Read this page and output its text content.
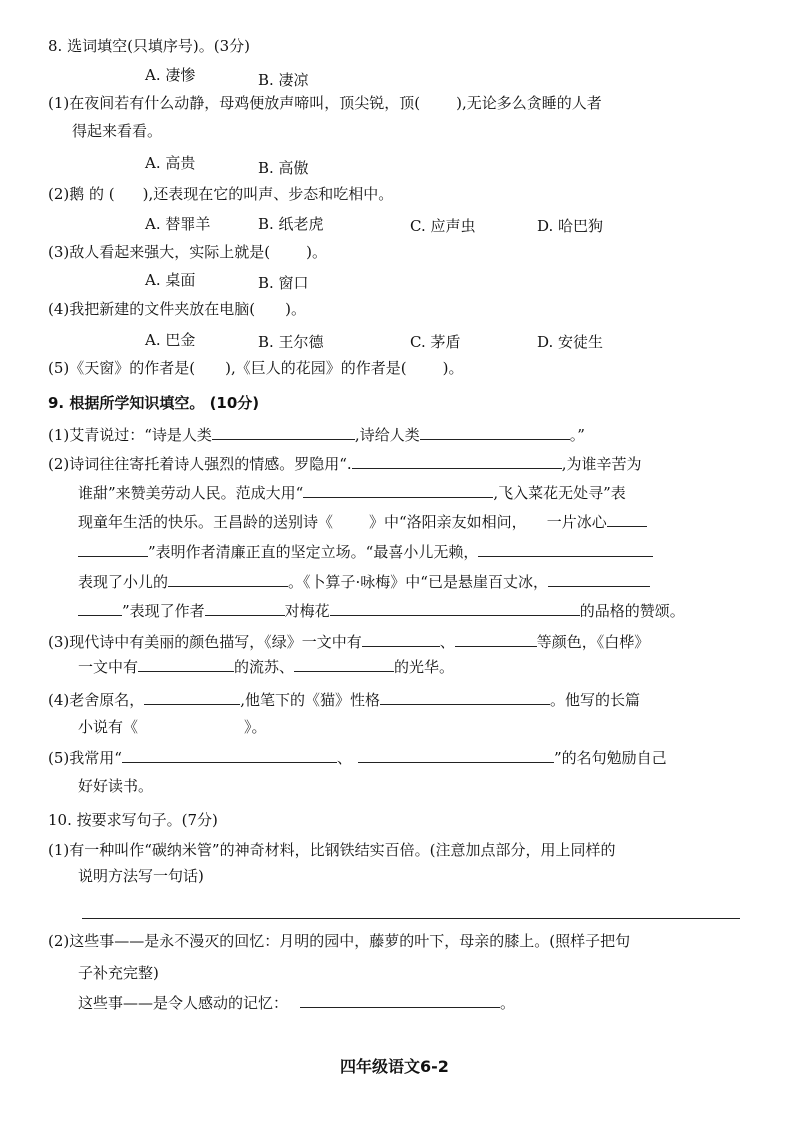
8. 选词填空(只填序号)。(3分)
A. 凄惨	B. 凄凉
(1)在夜间若有什么动静，母鸡便放声啼叫，顶尖锐，顶( ),无论多么贪睡的人者
得起来看看。
A. 高贵	B. 高傲
(2)鹅 的 ( ),还表现在它的叫声、步态和吃相中。
A. 替罪羊	B. 纸老虎	C. 应声虫	D. 哈巴狗
(3)敌人看起来强大，实际上就是( )。
A. 桌面	B. 窗口
(4)我把新建的文件夹放在电脑( )。
A. 巴金	B. 王尔德	C. 茅盾	D. 安徒生
(5)《天窗》的作者是( ),《巨人的花园》的作者是( )。
9. 根据所学知识填空。 (10分)
(1)艾青说过：“诗是人类	,诗给人类	。”
(2)诗词往往寄托着诗人强烈的情感。罗隐用“.	,为谁辛苦为
谁甜”来赞美劳动人民。范成大用“	,飞入菜花无处寻”表
现童年生活的快乐。王昌龄的送别诗《 》中“洛阳亲友如相问， 一片冰心
”表明作者清廉正直的坚定立场。“最喜小儿无赖，
表现了小儿的	。《卜算子·咏梅》中“已是悬崖百丈冰，
”表现了作者	对梅花	的品格的赞颂。
(3)现代诗中有美丽的颜色描写，《绿》一文中有	、	等颜色，《白桦》
一文中有	的流苏、	的光华。
(4)老舍原名，	,他笔下的《猫》性格	。他写的长篇
小说有《	》。
(5)我常用“	、	”的名句勉励自己
好好读书。
10. 按要求写句子。(7分)
(1)有一种叫作“碳纳米管”的神奇材料，比钢铁结实百倍。(注意加点部分，用上同样的
说明方法写一句话)
(2)这些事——是永不漫灭的回忆：月明的园中，藤萝的叶下，母亲的膝上。(照样子把句
子补充完整)
这些事——是令人感动的记忆：	。
四年级语文6-2
